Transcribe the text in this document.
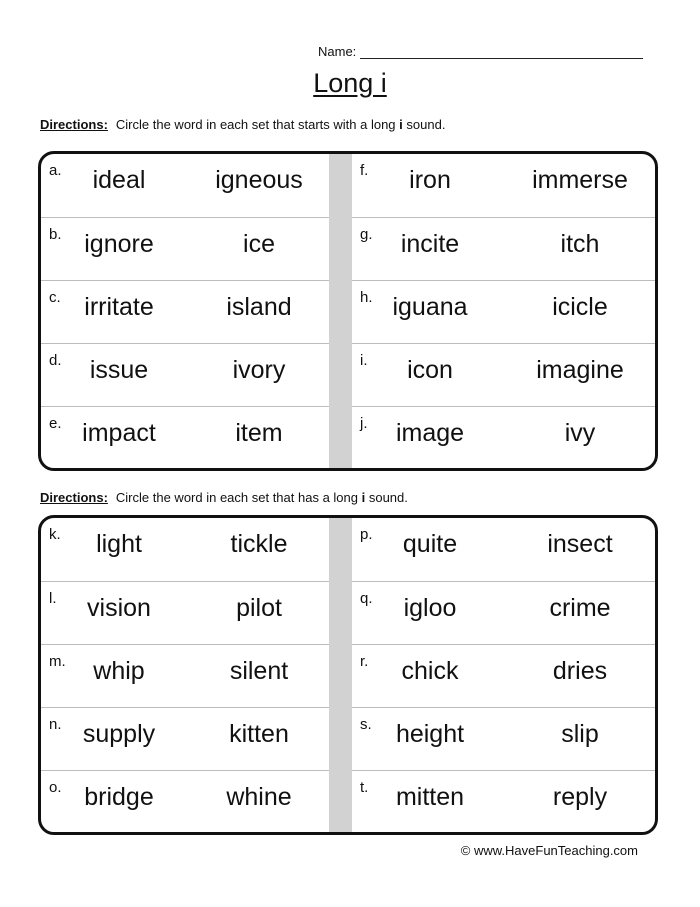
Name:
Long i
Directions: Circle the word in each set that starts with a long i sound.
a.	ideal	igneous
b. ignore	ice
c. irritate	island
d.	issue	ivory
e. impact	item
f.	iron	immerse
g.	incite	itch
h. iguana	icicle
i.	icon	imagine
j.	image	ivy
Directions: Circle the word in each set that has a long i sound.
k.	light	tickle
l.	vision	pilot
m.	whip	silent
n. supply	kitten
o. bridge	whine
p.	quite	insect
q.	igloo	crime
r.	chick	dries
s. height	slip
t.	mitten	reply
© www.HaveFunTeaching.com
